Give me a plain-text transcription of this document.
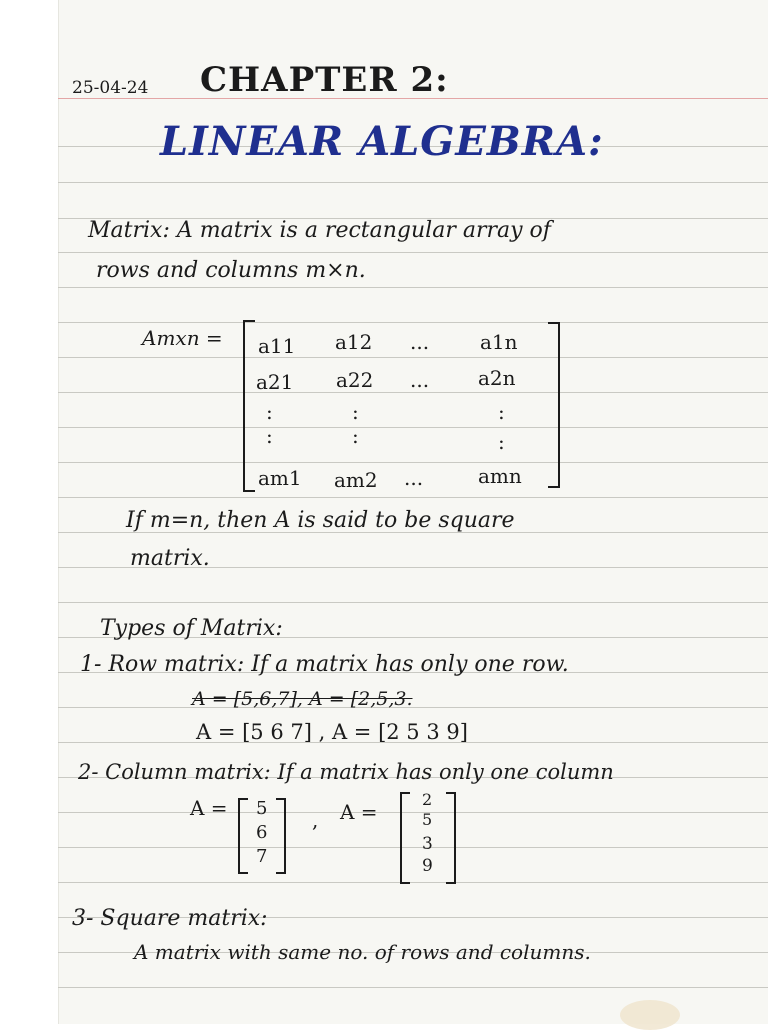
25-04-24 CHAPTER 2:
LINEAR ALGEBRA:
Matrix: A matrix is a rectangular array of
rows and columns m×n.
Amxn = a11 a12 ...	a1n
a21 a22 ... a2n
:
:
:
:
:
:
am1 am2 ...	amn
If m=n, then A is said to be square
matrix.
Types of Matrix:
1- Row matrix: If a matrix has only one row.
A = [5,6,7], A = [2,5,3.
A = [5 6 7] , A = [2 5 3 9]
2- Column matrix: If a matrix has only one column
A = 5
6
7
, A =
2
5
3
9
3- Square matrix:
A matrix with same no. of rows and columns.
